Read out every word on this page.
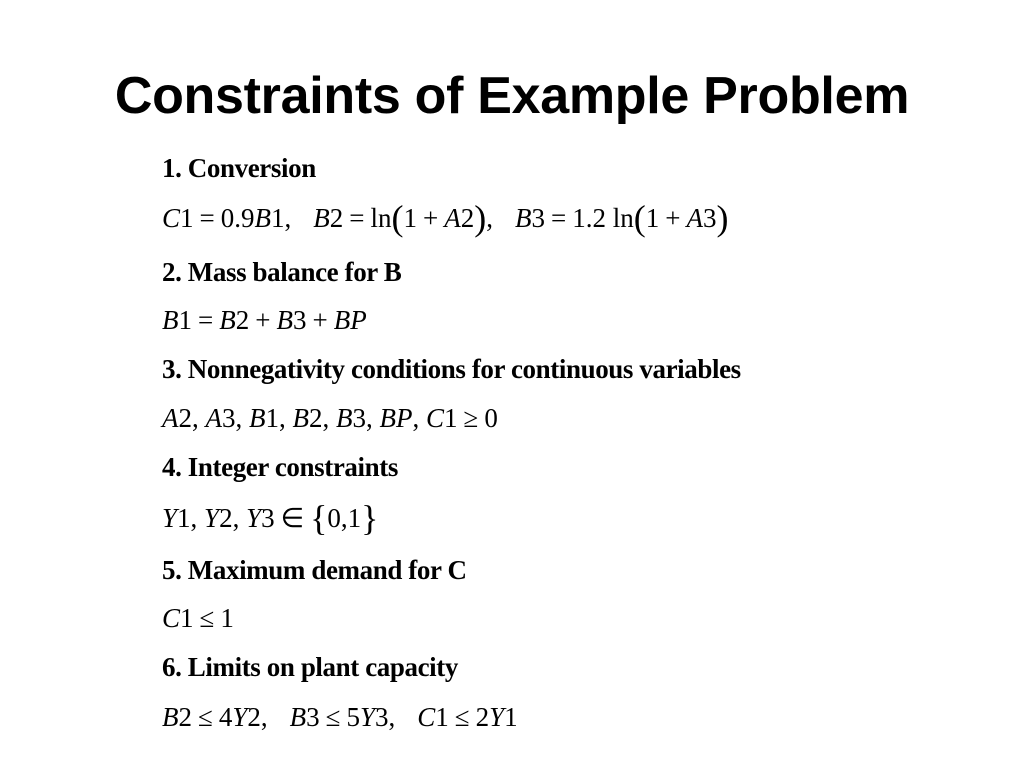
Constraints of Example Problem
1. Conversion
C1 = 0.9B1, B2 = ln(1 + A2), B3 = 1.2 ln(1 + A3)
2. Mass balance for B
B1 = B2 + B3 + BP
3. Nonnegativity conditions for continuous variables
A2, A3, B1, B2, B3, BP, C1 ≥ 0
4. Integer constraints
Y1, Y2, Y3 ∈ {0,1}
5. Maximum demand for C
C1 ≤ 1
6. Limits on plant capacity
B2 ≤ 4Y2, B3 ≤ 5Y3, C1 ≤ 2Y1
